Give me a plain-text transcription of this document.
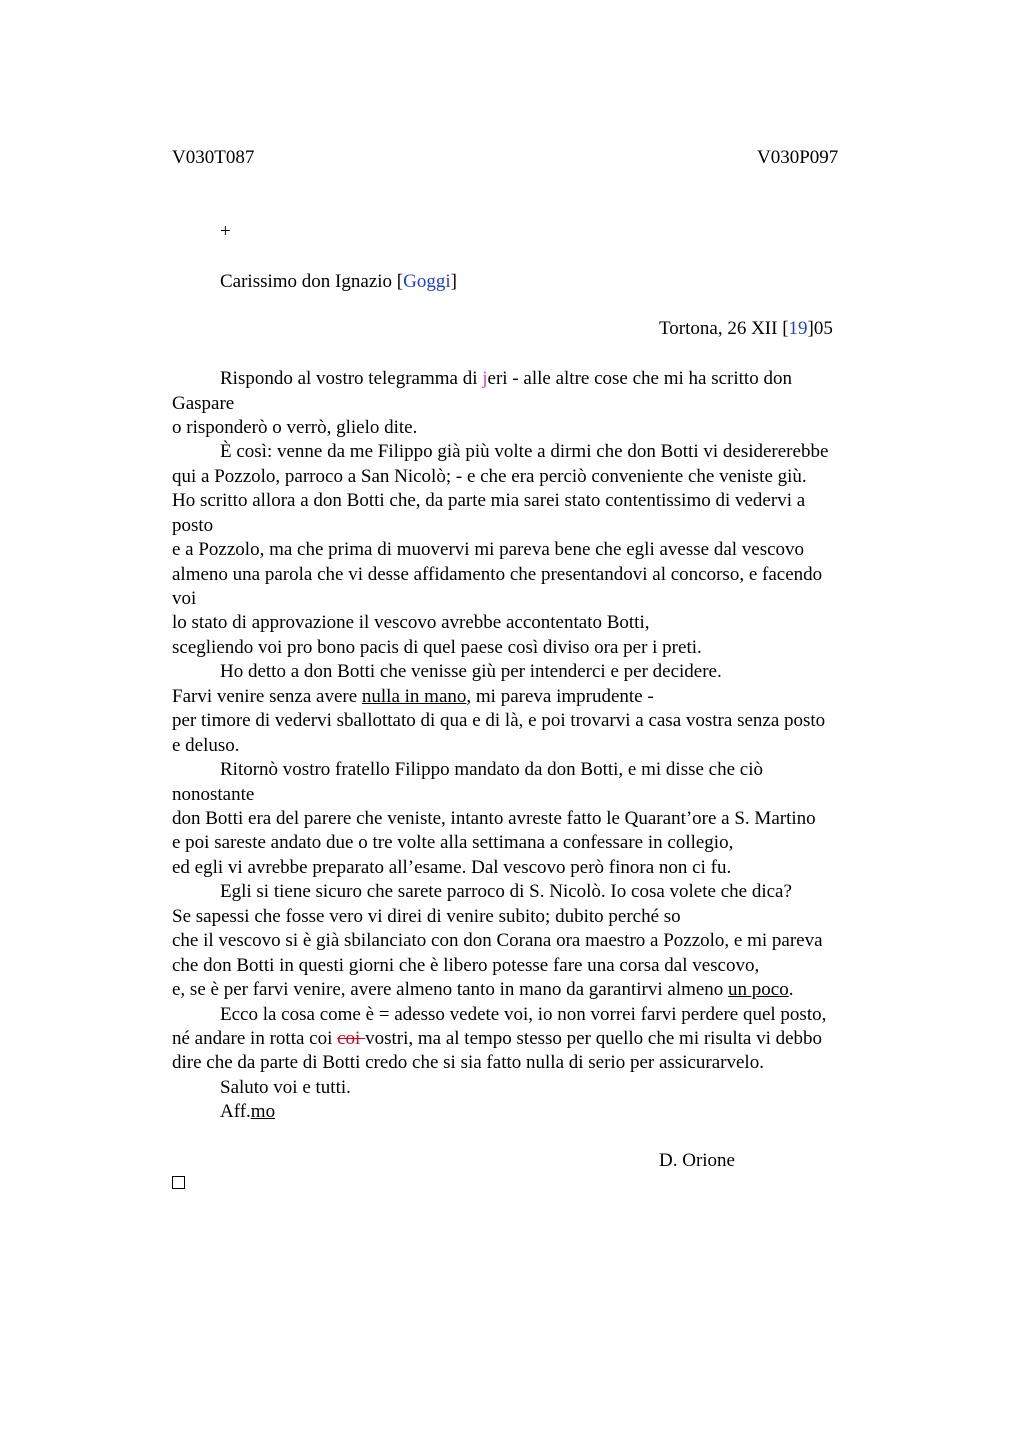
V030T087	V030P097
+
Carissimo don Ignazio [Goggi]
Tortona, 26 XII [19]05
Rispondo al vostro telegramma di jeri - alle altre cose che mi ha scritto don
Gaspare
o risponderò o verrò, glielo dite.
È così: venne da me Filippo già più volte a dirmi che don Botti vi desidererebbe
qui a Pozzolo, parroco a San Nicolò; - e che era perciò conveniente che veniste giù.
Ho scritto allora a don Botti che, da parte mia sarei stato contentissimo di vedervi a
posto
e a Pozzolo, ma che prima di muovervi mi pareva bene che egli avesse dal vescovo
almeno una parola che vi desse affidamento che presentandovi al concorso, e facendo
voi
lo stato di approvazione il vescovo avrebbe accontentato Botti,
scegliendo voi pro bono pacis di quel paese così diviso ora per i preti.
Ho detto a don Botti che venisse giù per intenderci e per decidere.
Farvi venire senza avere nulla in mano, mi pareva imprudente -
per timore di vedervi sballottato di qua e di là, e poi trovarvi a casa vostra senza posto
e deluso.
Ritornò vostro fratello Filippo mandato da don Botti, e mi disse che ciò
nonostante
don Botti era del parere che veniste, intanto avreste fatto le Quarant’ore a S. Martino
e poi sareste andato due o tre volte alla settimana a confessare in collegio,
ed egli vi avrebbe preparato all’esame. Dal vescovo però finora non ci fu.
Egli si tiene sicuro che sarete parroco di S. Nicolò. Io cosa volete che dica?
Se sapessi che fosse vero vi direi di venire subito; dubito perché so
che il vescovo si è già sbilanciato con don Corana ora maestro a Pozzolo, e mi pareva
che don Botti in questi giorni che è libero potesse fare una corsa dal vescovo,
e, se è per farvi venire, avere almeno tanto in mano da garantirvi almeno un poco.
Ecco la cosa come è = adesso vedete voi, io non vorrei farvi perdere quel posto,
né andare in rotta coi coi vostri, ma al tempo stesso per quello che mi risulta vi debbo
dire che da parte di Botti credo che si sia fatto nulla di serio per assicurarvelo.
Saluto voi e tutti.
Aff.mo
D. Orione
